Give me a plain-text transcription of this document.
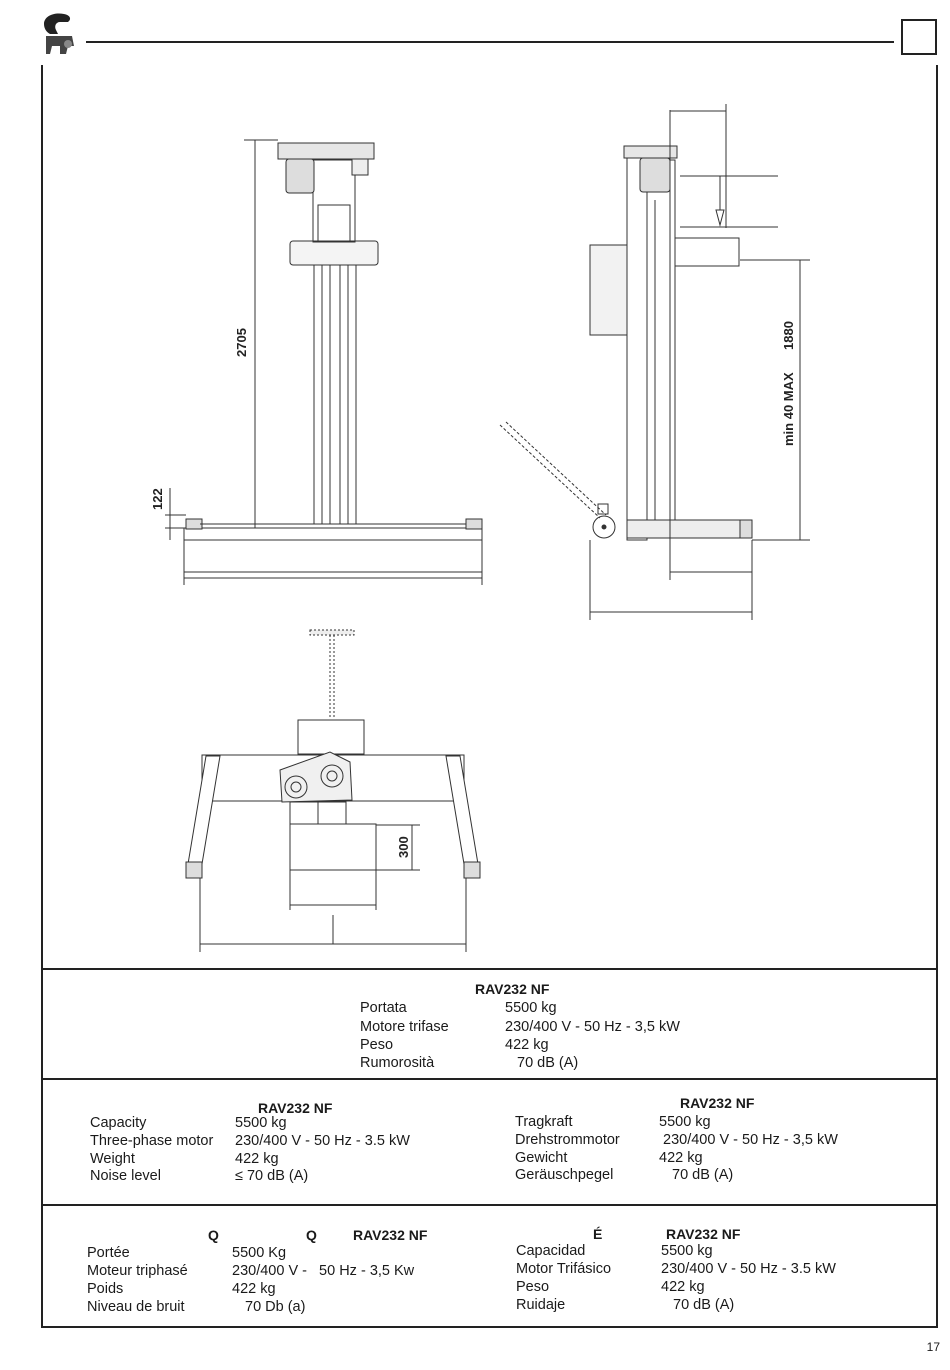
2705
122
1880
min 40 MAX
300
RAV232 NF
Portata	5500 kg
Motore trifase	230/400 V - 50 Hz - 3,5 kW
Peso	422 kg
Rumorosità	70 dB (A)
RAV232 NF
Capacity	5500 kg
Three-phase motor 230/400 V - 50 Hz - 3.5 kW
Weight	422 kg
Noise level	≤ 70 dB (A)
RAV232 NF
Tragkraft	5500 kg
Drehstrommotor	230/400 V - 50 Hz - 3,5 kW
Gewicht	422 kg
Geräuschpegel	70 dB (A)
Q	Q	RAV232 NF
Portée	5500 Kg
Moteur triphasé	230/400 V -   50 Hz - 3,5 Kw
Poids	422 kg
Niveau de bruit	70 Db (a)
É	RAV232 NF
Capacidad	5500 kg
Motor Trifásico	230/400 V - 50 Hz - 3.5 kW
Peso	422 kg
Ruidaje	70 dB (A)
17
